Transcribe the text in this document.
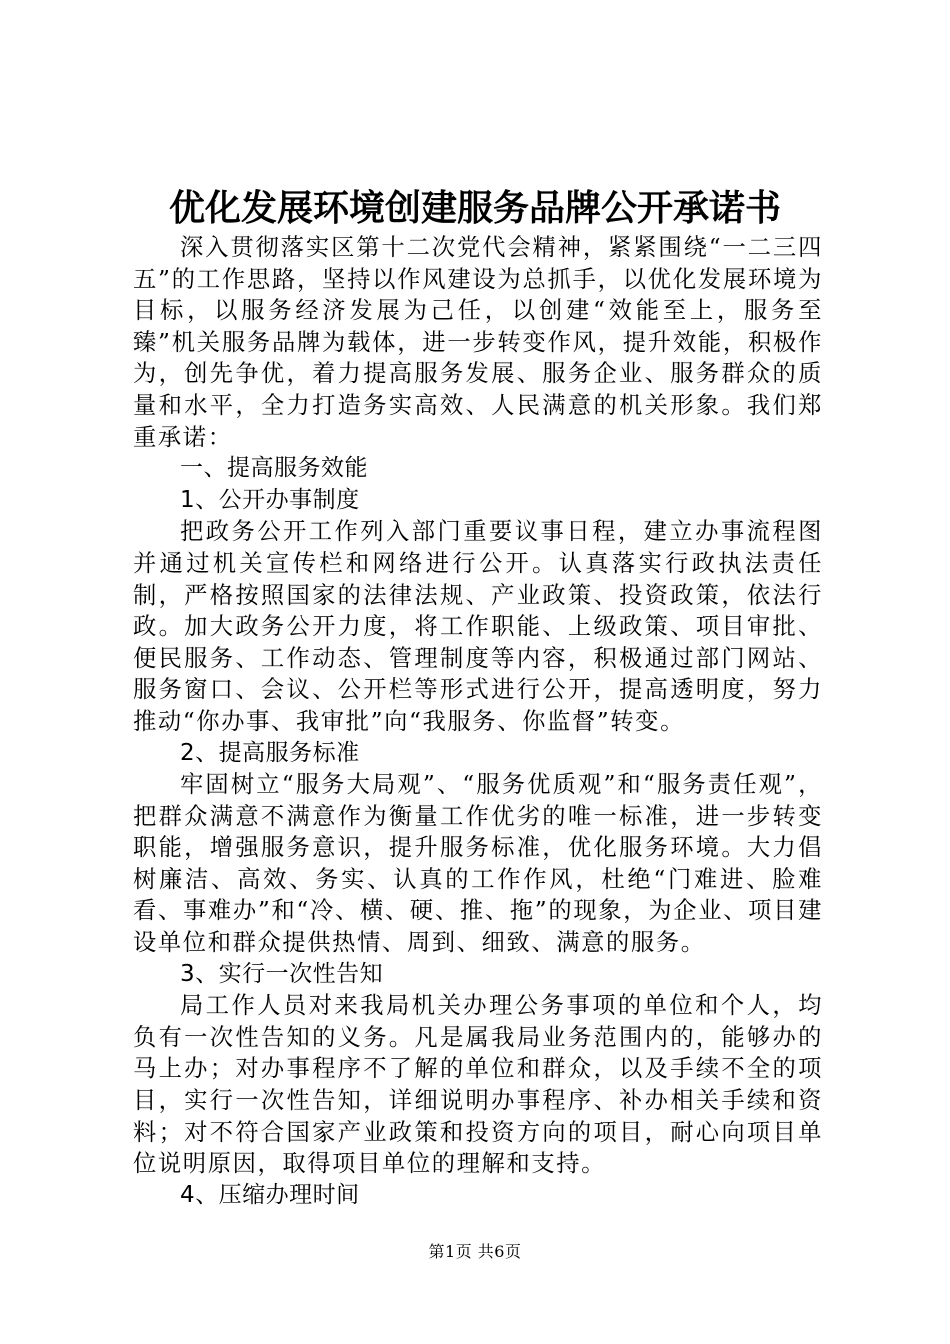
优化发展环境创建服务品牌公开承诺书

深入贯彻落实区第十二次党代会精神，紧紧围绕“一二三四五”的工作思路，坚持以作风建设为总抓手，以优化发展环境为目标，以服务经济发展为己任，以创建“效能至上，服务至臻”机关服务品牌为载体，进一步转变作风，提升效能，积极作为，创先争优，着力提高服务发展、服务企业、服务群众的质量和水平，全力打造务实高效、人民满意的机关形象。我们郑重承诺：

一、提高服务效能

1、公开办事制度

把政务公开工作列入部门重要议事日程，建立办事流程图并通过机关宣传栏和网络进行公开。认真落实行政执法责任制，严格按照国家的法律法规、产业政策、投资政策，依法行政。加大政务公开力度，将工作职能、上级政策、项目审批、便民服务、工作动态、管理制度等内容，积极通过部门网站、服务窗口、会议、公开栏等形式进行公开，提高透明度，努力推动“你办事、我审批”向“我服务、你监督”转变。

2、提高服务标准

牢固树立“服务大局观”、“服务优质观”和“服务责任观”，把群众满意不满意作为衡量工作优劣的唯一标准，进一步转变职能，增强服务意识，提升服务标准，优化服务环境。大力倡树廉洁、高效、务实、认真的工作作风，杜绝“门难进、脸难看、事难办”和“冷、横、硬、推、拖”的现象，为企业、项目建设单位和群众提供热情、周到、细致、满意的服务。

3、实行一次性告知

局工作人员对来我局机关办理公务事项的单位和个人，均负有一次性告知的义务。凡是属我局业务范围内的，能够办的马上办；对办事程序不了解的单位和群众，以及手续不全的项目，实行一次性告知，详细说明办事程序、补办相关手续和资料；对不符合国家产业政策和投资方向的项目，耐心向项目单位说明原因，取得项目单位的理解和支持。

4、压缩办理时间

第1页 共6页
